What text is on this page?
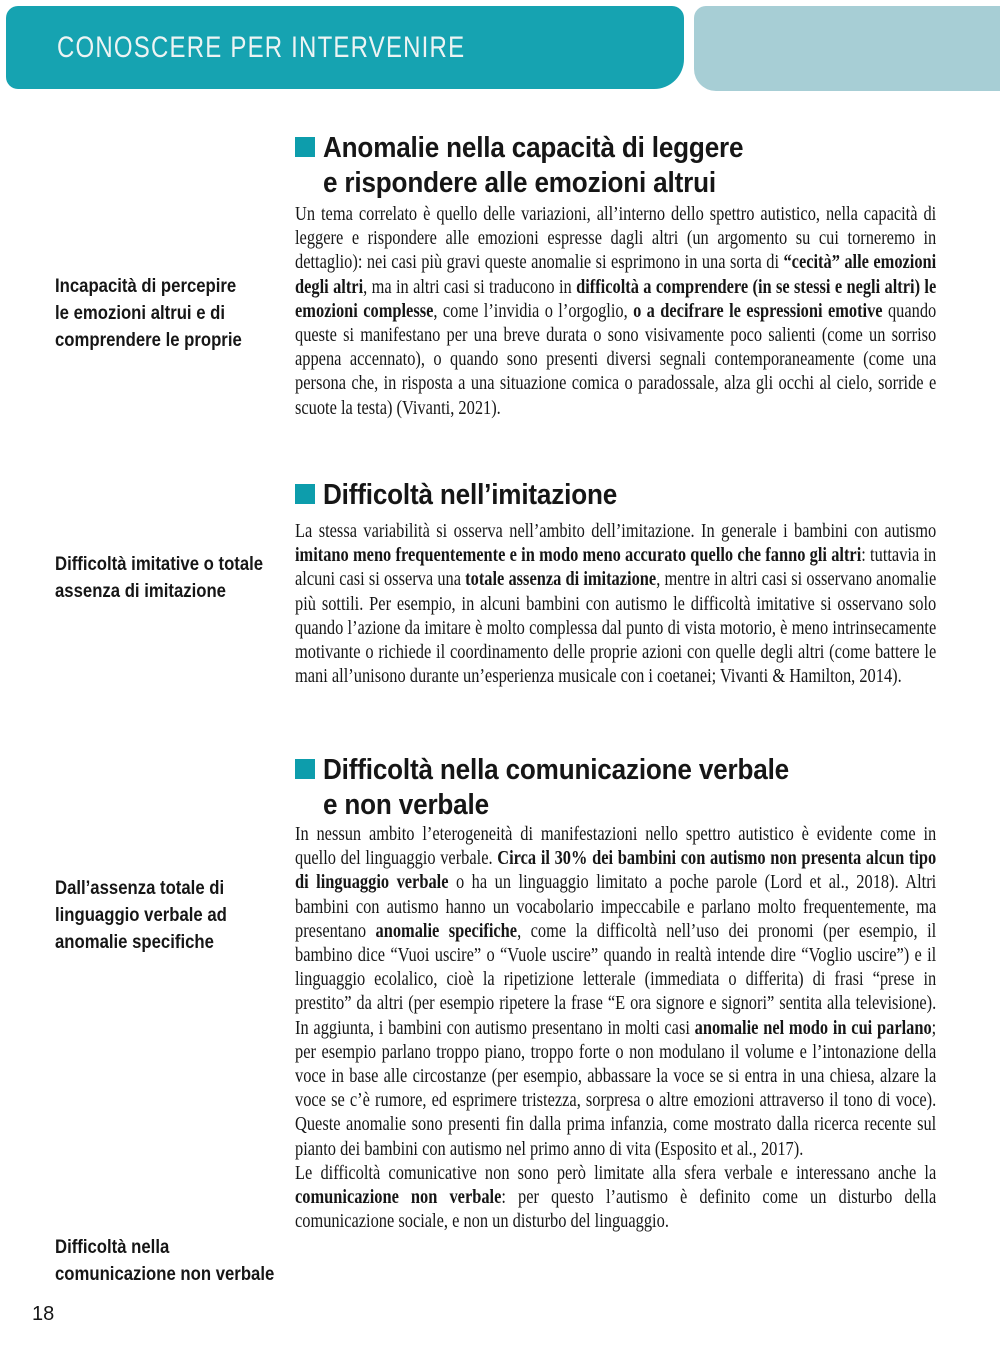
CONOSCERE PER INTERVENIRE
Incapacità di percepire
le emozioni altrui e di
comprendere le proprie
Difficoltà imitative o totale
assenza di imitazione
Dall’assenza totale di
linguaggio verbale ad
anomalie specifiche
Difficoltà nella
comunicazione non verbale
Anomalie nella capacità di leggere
e rispondere alle emozioni altrui

Un tema correlato è quello delle variazioni, all’interno dello spettro autistico, nella capacità di leggere e rispondere alle emozioni espresse dagli altri (un argomento su cui torneremo in dettaglio): nei casi più gravi queste anomalie si esprimono in una sorta di “cecità” alle emozioni degli altri, ma in altri casi si traducono in difficoltà a comprendere (in se stessi e negli altri) le emozioni complesse, come l’invidia o l’orgoglio, o a decifrare le espressioni emotive quando queste si manifestano per una breve durata o sono visivamente poco salienti (come un sorriso appena accennato), o quando sono presenti diversi segnali contemporaneamente (come una persona che, in risposta a una situazione comica o paradossale, alza gli occhi al cielo, sorride e scuote la testa) (Vivanti, 2021).

Difficoltà nell’imitazione

La stessa variabilità si osserva nell’ambito dell’imitazione. In generale i bambini con autismo imitano meno frequentemente e in modo meno accurato quello che fanno gli altri: tuttavia in alcuni casi si osserva una totale assenza di imitazione, mentre in altri casi si osservano anomalie più sottili. Per esempio, in alcuni bambini con autismo le difficoltà imitative si osservano solo quando l’azione da imitare è molto complessa dal punto di vista motorio, è meno intrinsecamente motivante o richiede il coordinamento delle proprie azioni con quelle degli altri (come battere le mani all’unisono durante un’esperienza musicale con i coetanei; Vivanti & Hamilton, 2014).

Difficoltà nella comunicazione verbale
e non verbale

In nessun ambito l’eterogeneità di manifestazioni nello spettro autistico è evidente come in quello del linguaggio verbale. Circa il 30% dei bambini con autismo non presenta alcun tipo di linguaggio verbale o ha un linguaggio limitato a poche parole (Lord et al., 2018). Altri bambini con autismo hanno un vocabolario impeccabile e parlano molto frequentemente, ma presentano anomalie specifiche, come la difficoltà nell’uso dei pronomi (per esempio, il bambino dice “Vuoi uscire” o “Vuole uscire” quando in realtà intende dire “Voglio uscire”) e il linguaggio ecolalico, cioè la ripetizione letterale (immediata o differita) di frasi “prese in prestito” da altri (per esempio ripetere la frase “E ora signore e signori” sentita alla televisione). In aggiunta, i bambini con autismo presentano in molti casi anomalie nel modo in cui parlano; per esempio parlano troppo piano, troppo forte o non modulano il volume e l’intonazione della voce in base alle circostanze (per esempio, abbassare la voce se si entra in una chiesa, alzare la voce se c’è rumore, ed esprimere tristezza, sorpresa o altre emozioni attraverso il tono di voce). Queste anomalie sono presenti fin dalla prima infanzia, come mostrato dalla ricerca recente sul pianto dei bambini con autismo nel primo anno di vita (Esposito et al., 2017).

Le difficoltà comunicative non sono però limitate alla sfera verbale e interessano anche la comunicazione non verbale: per questo l’autismo è definito come un disturbo della comunicazione sociale, e non un disturbo del linguaggio.

18
